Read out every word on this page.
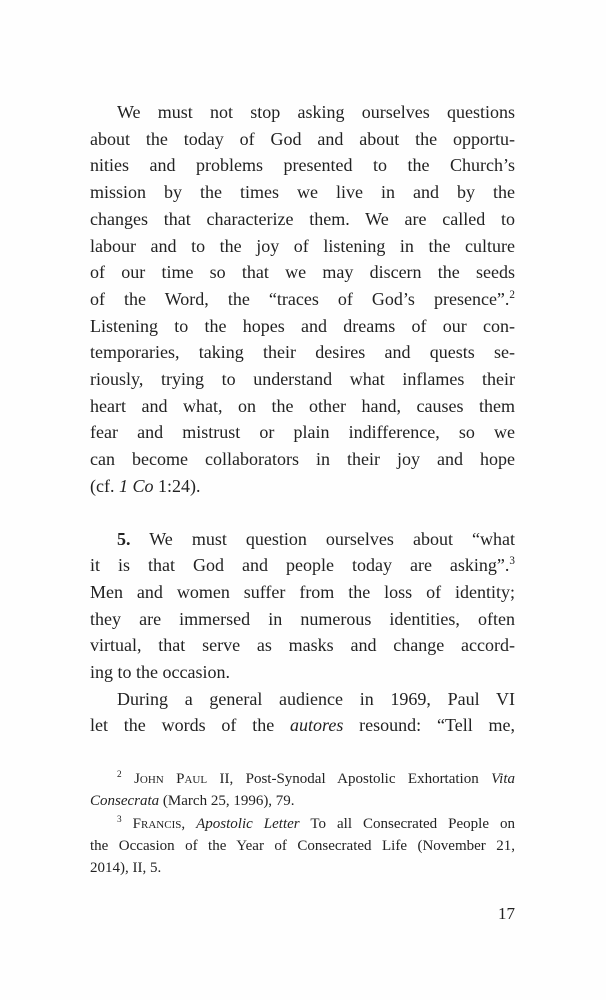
We must not stop asking ourselves questions
about the today of God and about the opportu-
nities and problems presented to the Church’s
mission by the times we live in and by the
changes that characterize them. We are called to
labour and to the joy of listening in the culture
of our time so that we may discern the seeds
of the Word, the “traces of God’s presence”.$^2$
Listening to the hopes and dreams of our con-
temporaries, taking their desires and quests se-
riously, trying to understand what inflames their
heart and what, on the other hand, causes them
fear and mistrust or plain indifference, so we
can become collaborators in their joy and hope
(cf. 1 Co 1:24).
5. We must question ourselves about “what
it is that God and people today are asking”.$^3$
Men and women suffer from the loss of identity;
they are immersed in numerous identities, often
virtual, that serve as masks and change accord-
ing to the occasion.
During a general audience in 1969, Paul VI
let the words of the autores resound: “Tell me,
$^2$ John Paul II, Post-Synodal Apostolic Exhortation Vita
Consecrata (March 25, 1996), 79.
$^3$ Francis, Apostolic Letter To all Consecrated People on
the Occasion of the Year of Consecrated Life (November 21,
2014), II, 5.
17
